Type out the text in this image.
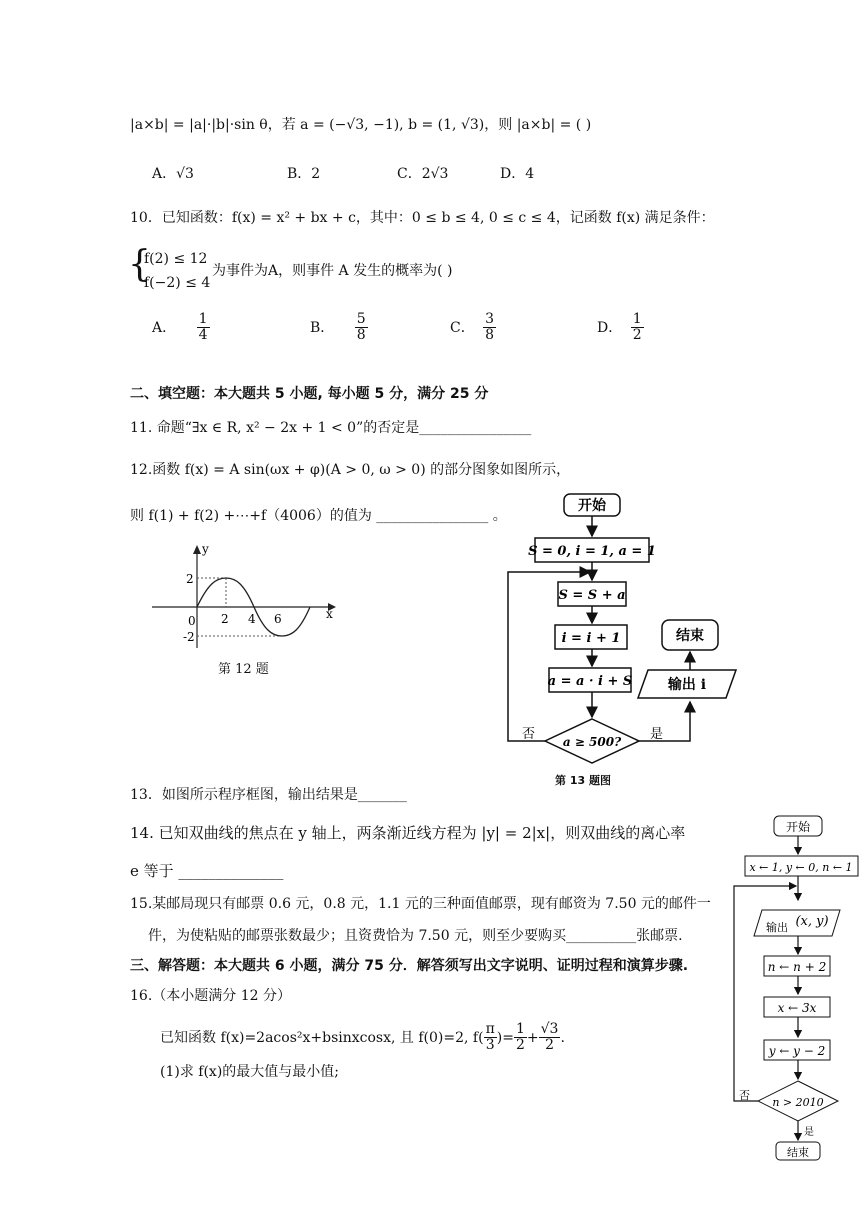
|a×b| = |a|·|b|·sin θ，若 a = (−√3, −1), b = (1, √3)，则 |a×b| = ( )
A．√3	B．2	C．2√3	D．4
10．已知函数：f(x) = x² + bx + c，其中：0 ≤ b ≤ 4, 0 ≤ c ≤ 4，记函数 f(x) 满足条件：
{
f(2) ≤ 12
f(−2) ≤ 4
为事件为A，则事件 A 发生的概率为( )
A． $\frac{1}{4}$	B． $\frac{5}{8}$	C． $\frac{3}{8}$	D． $\frac{1}{2}$
二、填空题：本大题共 5 小题, 每小题 5 分，满分 25 分
11. 命题“∃x ∈ R, x² − 2x + 1 < 0”的否定是________________
12.函数 f(x) = A sin(ωx + φ)(A > 0, ω > 0) 的部分图象如图所示，
则 f(1) + f(2) +⋯+f（4006）的值为 ________________ 。
y
x
2
0 2 4 6
-2
第 12 题
开始
S = 0, i = 1, a = 1
S = S + a
i = i + 1
a = a · i + S
a ≥ 500?
否	是
输出 i
结束
第 13 题图
13．如图所示程序框图，输出结果是_______
14. 已知双曲线的焦点在 y 轴上，两条渐近线方程为 |y| = 2|x|，则双曲线的离心率
e 等于 ______________
15.某邮局现只有邮票 0.6 元，0.8 元，1.1 元的三种面值邮票，现有邮资为 7.50 元的邮件一
件，为使粘贴的邮票张数最少；且资费恰为 7.50 元，则至少要购买__________张邮票.
三、解答题：本大题共 6 小题，满分 75 分．解答须写出文字说明、证明过程和演算步骤.
16.（本小题满分 12 分）
已知函数 f(x)=2acos²x+bsinxcosx, 且 f(0)=2, $f( \frac{\pi}{3}$ )= $\frac{1}{2} + \frac{√3}{2}$ .
(1)求 f(x)的最大值与最小值;
开始
x ← 1, y ← 0, n ← 1
输出 (x, y)
n ← n + 2
x ← 3x
y ← y − 2
n > 2010
否
是
结束
